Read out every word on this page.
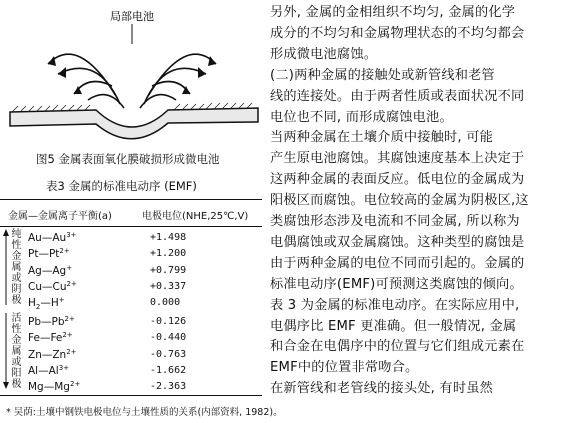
局部电池
图5 金属表面氧化膜破损形成微电池
表3 金属的标准电动序 (EMF)
金属—金属离子平衡(a)	电极电位(NHE,25℃,V)
纯
性
金
属
或
阴
极
活
性
金
属
或
阳
极
$Au—Au^{3+}$	+1.498
$Pt—Pt^{2+}$	+1.200
Ag—Ag+	+0.799
$Cu—Cu^{2+}$	+0.337
$H_2—H^+$	0.000
$Pb—Pb^{2+}$	-0.126
$Fe—Fe^{2+}$	-0.440
$Zn—Zn^{2+}$	-0.763
$Al—Al^{3+}$	-1.662
$Mg—Mg^{2+}$	-2.363
另外, 金属的金相组织不均匀, 金属的化学
成分的不均匀和金属物理状态的不均匀都会
形成微电池腐蚀。
(二)两种金属的接触处或新管线和老管
线的连接处。由于两者性质或表面状况不同
电位也不同, 而形成腐蚀电池。
当两种金属在土壤介质中接触时, 可能
产生原电池腐蚀。其腐蚀速度基本上决定于
这两种金属的表面反应。低电位的金属成为
阳极区而腐蚀。电位较高的金属为阴极区,这
类腐蚀形态涉及电流和不同金属, 所以称为
电偶腐蚀或双金属腐蚀。这种类型的腐蚀是
由于两种金属的电位不同而引起的。金属的
标准电动序(EMF)可预测这类腐蚀的倾向。
表 3 为金属的标准电动序。在实际应用中,
电偶序比 EMF 更准确。但一般情况, 金属
和合金在电偶序中的位置与它们组成元素在
EMF中的位置非常吻合。
在新管线和老管线的接头处, 有时虽然
* 吴荫:土壤中钢铁电极电位与土壤性质的关系(内部资料, 1982)。
